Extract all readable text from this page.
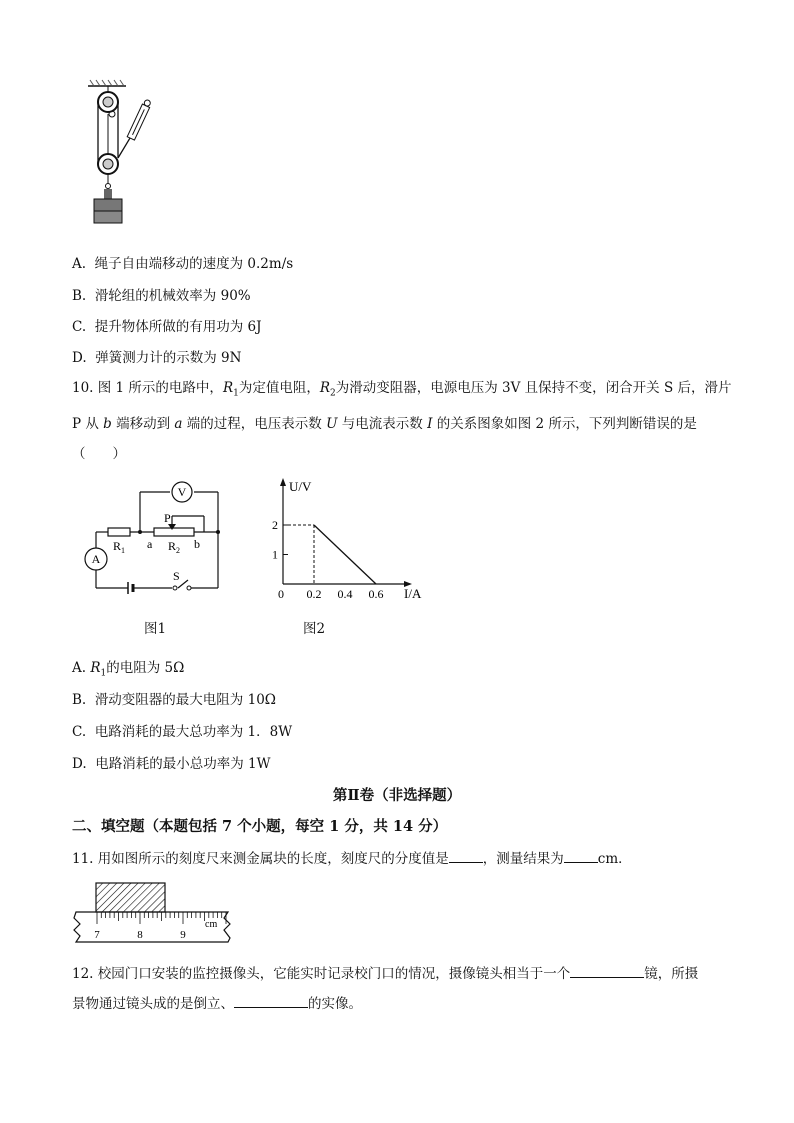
A. 绳子自由端移动的速度为 0.2m/s
B. 滑轮组的机械效率为 90%
C. 提升物体所做的有用功为 6J
D. 弹簧测力计的示数为 9N
10. 图 1 所示的电路中，$R_1$为定值电阻，$R_2$为滑动变阻器，电源电压为 3V 且保持不变，闭合开关 S 后，滑片 P 从 b 端移动到 a 端的过程，电压表示数 U 与电流表示数 I 的关系图象如图 2 所示，下列判断错误的是（　　）
V
A
$R_1$	$R_2$
P
a	b
S
图1
U/V
I/A
0 0.2 0.4 0.6
1
2
图2
A. $R_1$的电阻为 5Ω
B. 滑动变阻器的最大电阻为 10Ω
C. 电路消耗的最大总功率为 1．8W
D. 电路消耗的最小总功率为 1W
第Ⅱ卷（非选择题）
二、填空题（本题包括 7 个小题，每空 1 分，共 14 分）
11. 用如图所示的刻度尺来测金属块的长度，刻度尺的分度值是	，测量结果为	cm．
7	8	9
cm
12. 校园门口安装的监控摄像头，它能实时记录校门口的情况，摄像镜头相当于一个	镜，所摄
景物通过镜头成的是倒立、	的实像。
